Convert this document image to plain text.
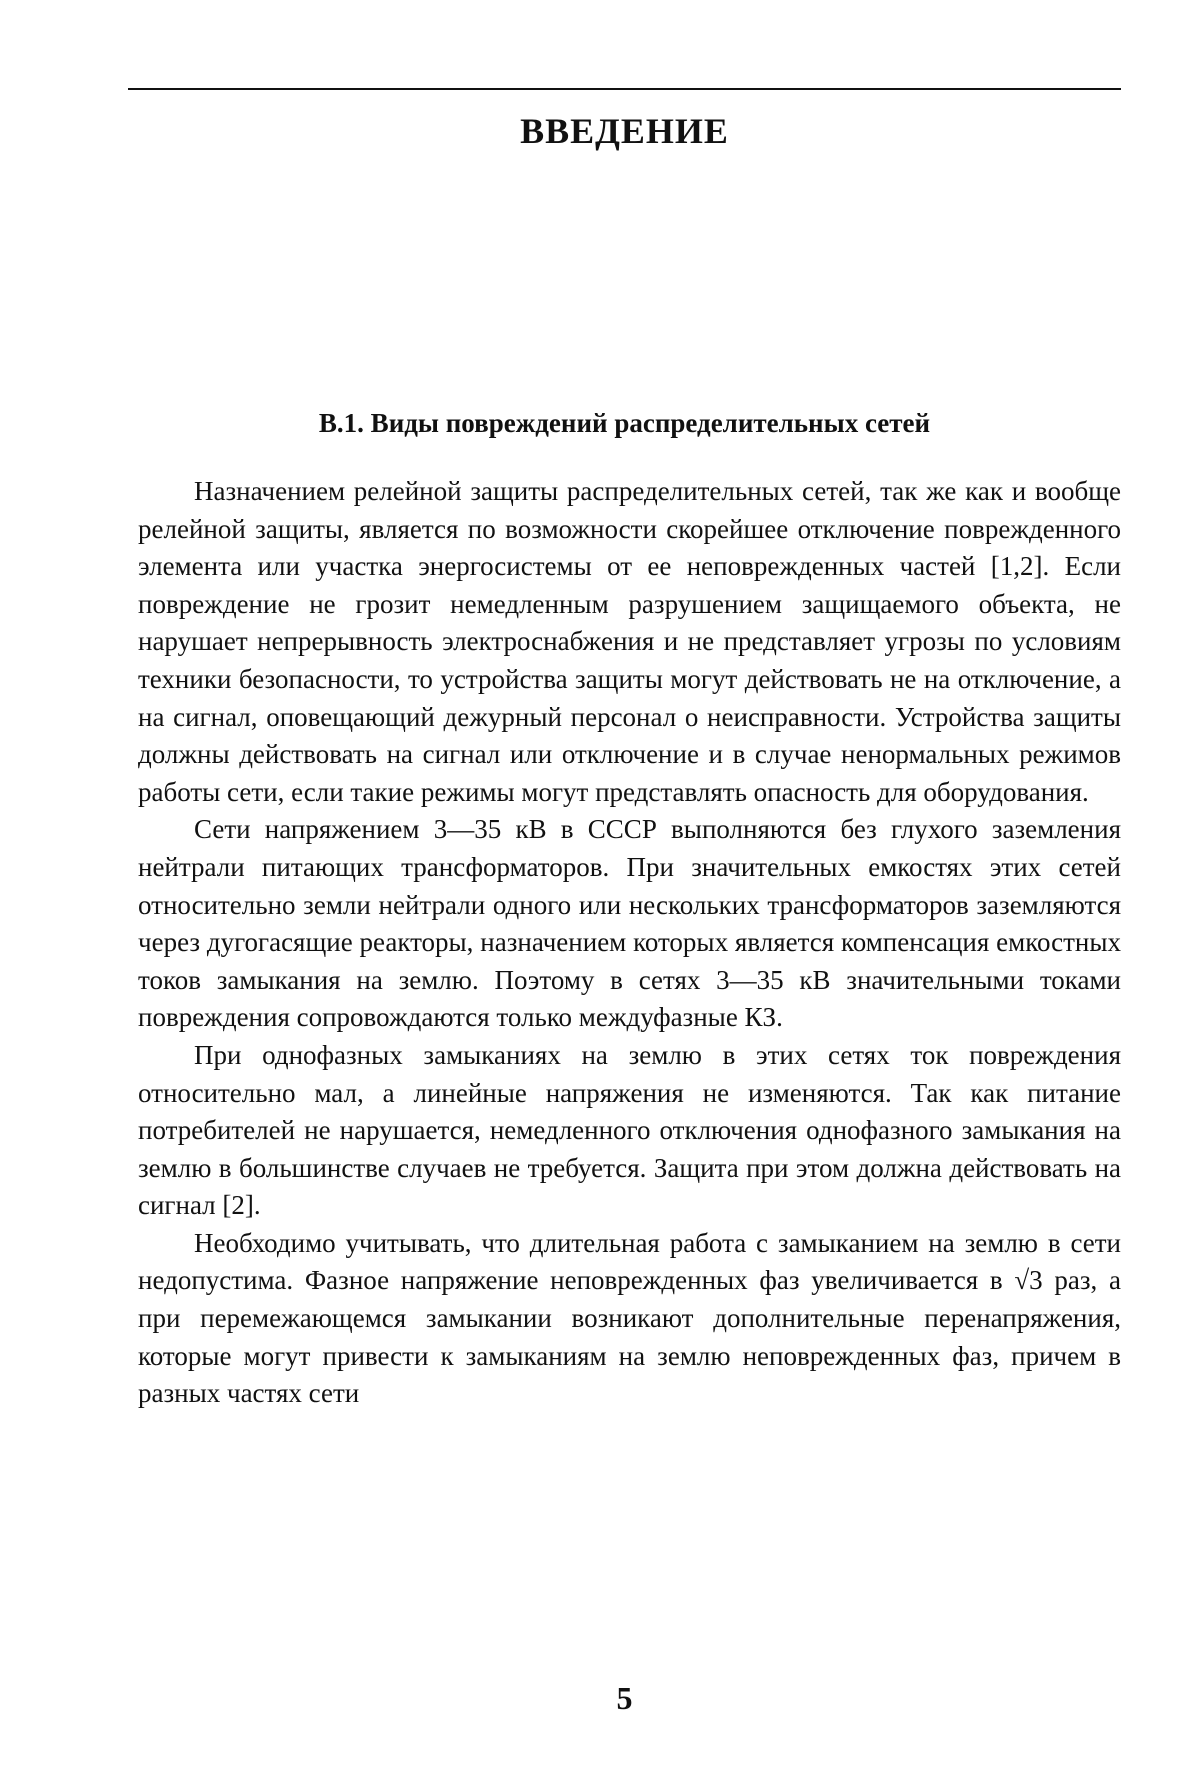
ВВЕДЕНИЕ
В.1. Виды повреждений распределительных сетей

Назначением релейной защиты распределительных сетей, так же как и вообще релейной защиты, является по возможности скорейшее отключение поврежденного элемента или участка энергосистемы от ее неповрежденных частей [1,2]. Если повреждение не грозит немедленным разрушением защищаемого объекта, не нарушает непрерывность электроснабжения и не представляет угрозы по условиям техники безопасности, то устройства защиты могут действовать не на отключение, а на сигнал, оповещающий дежурный персонал о неисправности. Устройства защиты должны действовать на сигнал или отключение и в случае ненормальных режимов работы сети, если такие режимы могут представлять опасность для оборудования.

Сети напряжением 3—35 кВ в СССР выполняются без глухого заземления нейтрали питающих трансформаторов. При значительных емкостях этих сетей относительно земли нейтрали одного или нескольких трансформаторов заземляются через дугогасящие реакторы, назначением которых является компенсация емкостных токов замыкания на землю. Поэтому в сетях 3—35 кВ значительными токами повреждения сопровождаются только междуфазные КЗ.

При однофазных замыканиях на землю в этих сетях ток повреждения относительно мал, а линейные напряжения не изменяются. Так как питание потребителей не нарушается, немедленного отключения однофазного замыкания на землю в большинстве случаев не требуется. Защита при этом должна действовать на сигнал [2].

Необходимо учитывать, что длительная работа с замыканием на землю в сети недопустима. Фазное напряжение неповрежденных фаз увеличивается в √3 раз, а при перемежающемся замыкании возникают дополнительные перенапряжения, которые могут привести к замыканиям на землю неповрежденных фаз, причем в разных частях сети

5
